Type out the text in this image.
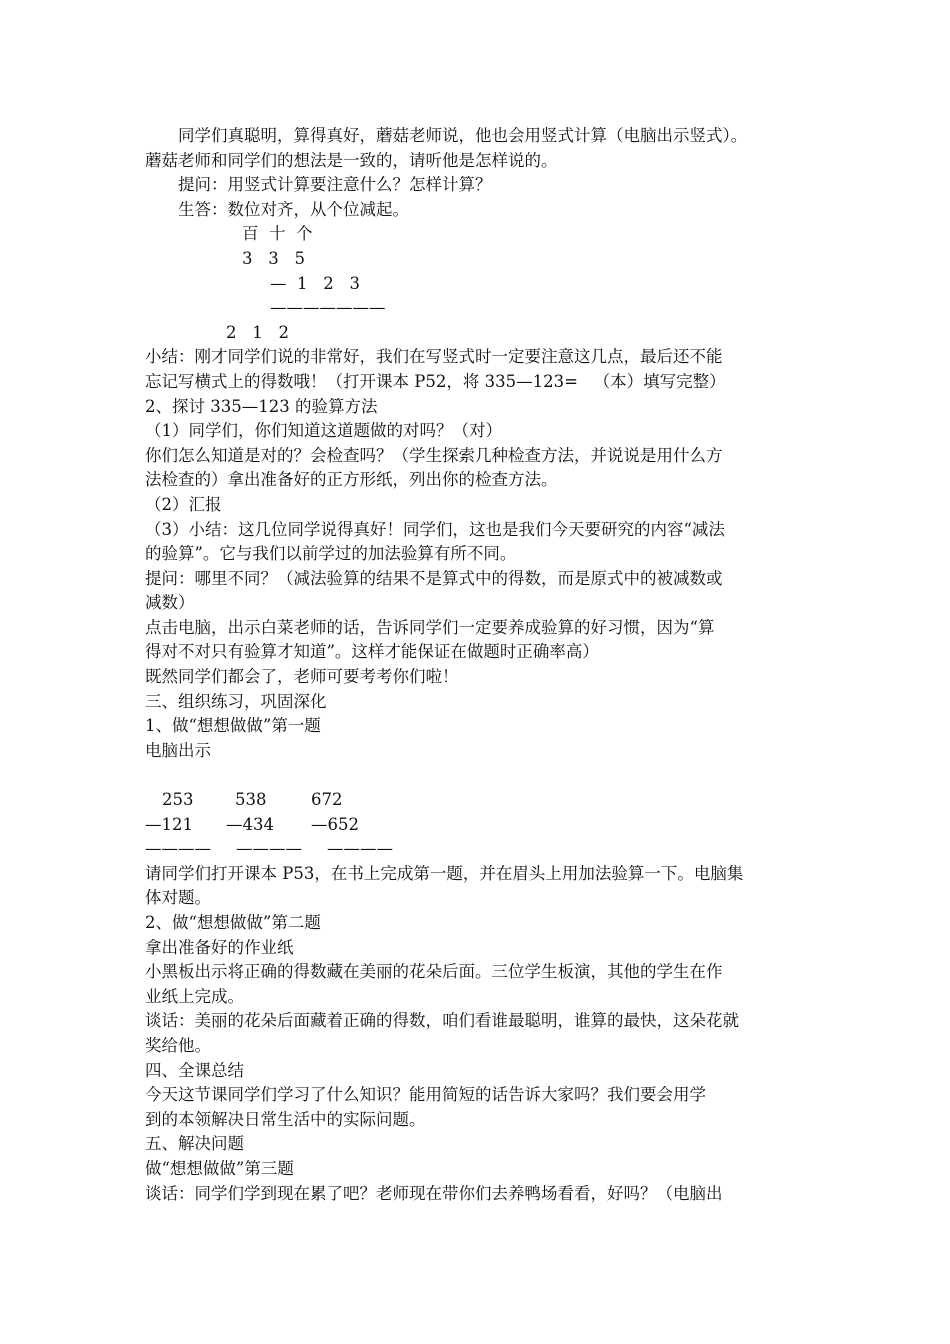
同学们真聪明，算得真好，蘑菇老师说，他也会用竖式计算（电脑出示竖式）。

蘑菇老师和同学们的想法是一致的，请听他是怎样说的。

提问：用竖式计算要注意什么？怎样计算？

生答：数位对齐，从个位减起。

百  十  个

3   3   5

—  1   2   3

———————

2   1   2

小结：刚才同学们说的非常好，我们在写竖式时一定要注意这几点，最后还不能

忘记写横式上的得数哦！（打开课本 P52，将 335—123=   （本）填写完整）

2、探讨 335—123 的验算方法

（1）同学们，你们知道这道题做的对吗？（对）

你们怎么知道是对的？会检查吗？（学生探索几种检查方法，并说说是用什么方

法检查的）拿出准备好的正方形纸，列出你的检查方法。

（2）汇报

（3）小结：这几位同学说得真好！同学们，这也是我们今天要研究的内容“减法

的验算”。它与我们以前学过的加法验算有所不同。

提问：哪里不同？（减法验算的结果不是算式中的得数，而是原式中的被减数或

减数）

点击电脑，出示白菜老师的话，告诉同学们一定要养成验算的好习惯，因为“算

得对不对只有验算才知道”。这样才能保证在做题时正确率高）

既然同学们都会了，老师可要考考你们啦！

三、组织练习，巩固深化

1、做“想想做做”第一题

电脑出示

253	538	672
—121 —434 —652
———— ———— ————

请同学们打开课本 P53，在书上完成第一题，并在眉头上用加法验算一下。电脑集

体对题。

2、做“想想做做”第二题

拿出准备好的作业纸

小黑板出示将正确的得数藏在美丽的花朵后面。三位学生板演，其他的学生在作

业纸上完成。

谈话：美丽的花朵后面藏着正确的得数，咱们看谁最聪明，谁算的最快，这朵花就

奖给他。

四、全课总结

今天这节课同学们学习了什么知识？能用简短的话告诉大家吗？我们要会用学

到的本领解决日常生活中的实际问题。

五、解决问题

做“想想做做”第三题

谈话：同学们学到现在累了吧？老师现在带你们去养鸭场看看，好吗？（电脑出
